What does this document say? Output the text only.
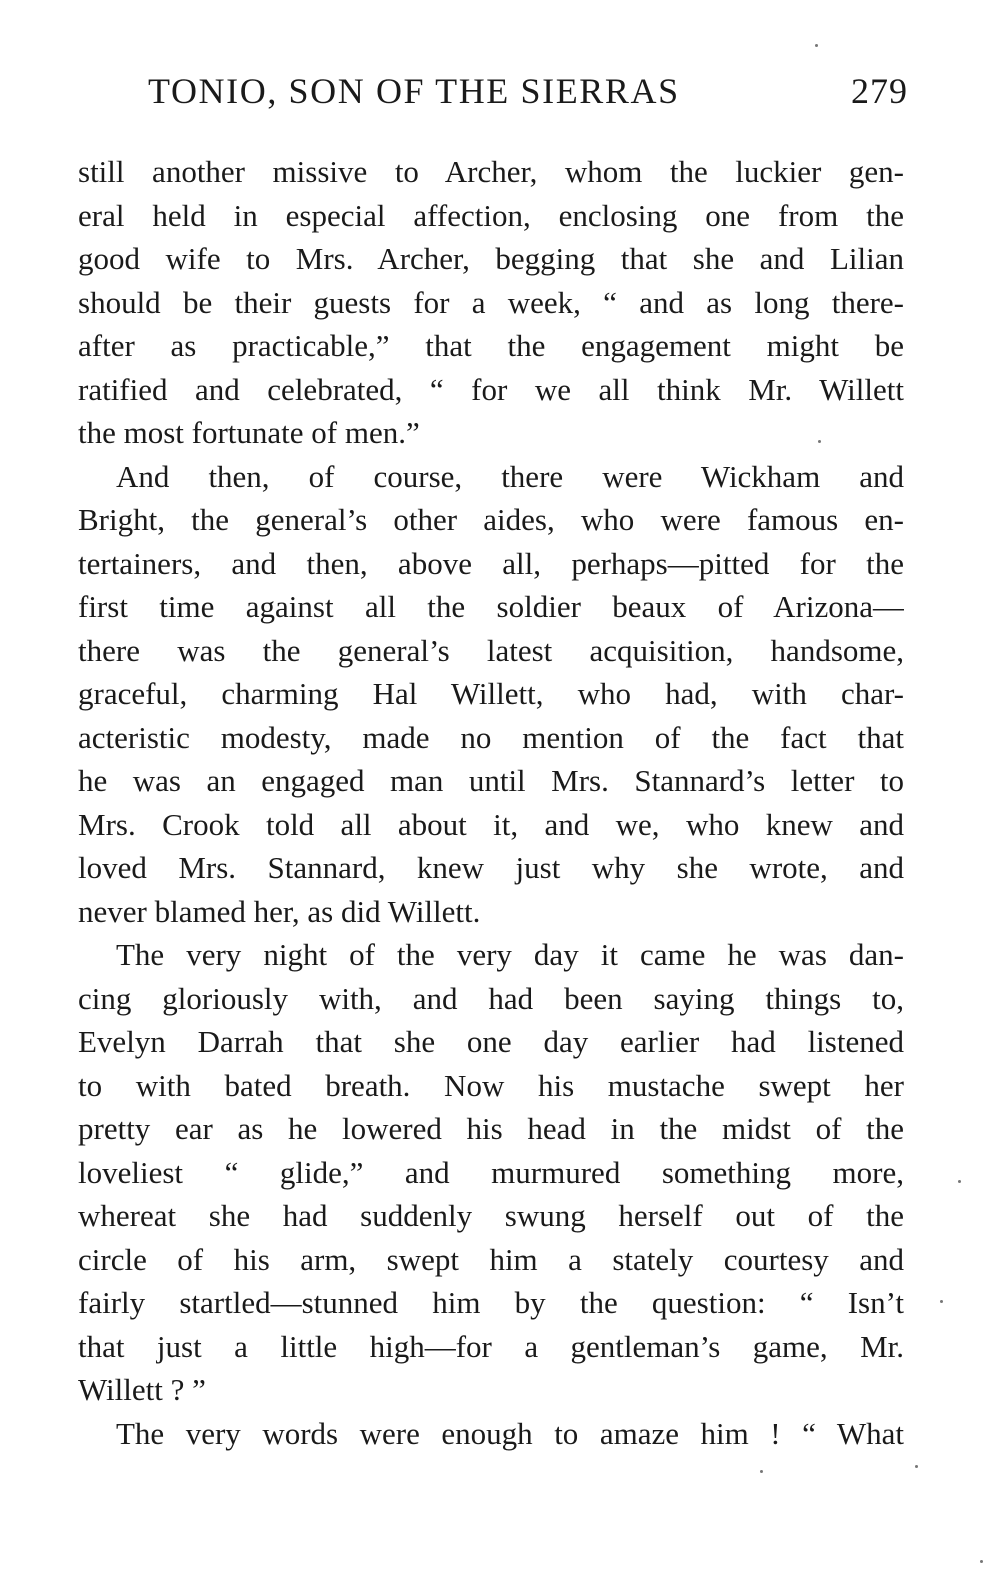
TONIO, SON OF THE SIERRAS	279
still another missive to Archer, whom the luckier gen-
eral held in especial affection, enclosing one from the
good wife to Mrs. Archer, begging that she and Lilian
should be their guests for a week, “ and as long there-
after as practicable,” that the engagement might be
ratified and celebrated, “ for we all think Mr. Willett
the most fortunate of men.”
And then, of course, there were Wickham and
Bright, the general’s other aides, who were famous en-
tertainers, and then, above all, perhaps—pitted for the
first time against all the soldier beaux of Arizona—
there was the general’s latest acquisition, handsome,
graceful, charming Hal Willett, who had, with char-
acteristic modesty, made no mention of the fact that
he was an engaged man until Mrs. Stannard’s letter to
Mrs. Crook told all about it, and we, who knew and
loved Mrs. Stannard, knew just why she wrote, and
never blamed her, as did Willett.
The very night of the very day it came he was dan-
cing gloriously with, and had been saying things to,
Evelyn Darrah that she one day earlier had listened
to with bated breath. Now his mustache swept her
pretty ear as he lowered his head in the midst of the
loveliest “ glide,” and murmured something more,
whereat she had suddenly swung herself out of the
circle of his arm, swept him a stately courtesy and
fairly startled—stunned him by the question: “ Isn’t
that just a little high—for a gentleman’s game, Mr.
Willett ? ”
The very words were enough to amaze him ! “ What
